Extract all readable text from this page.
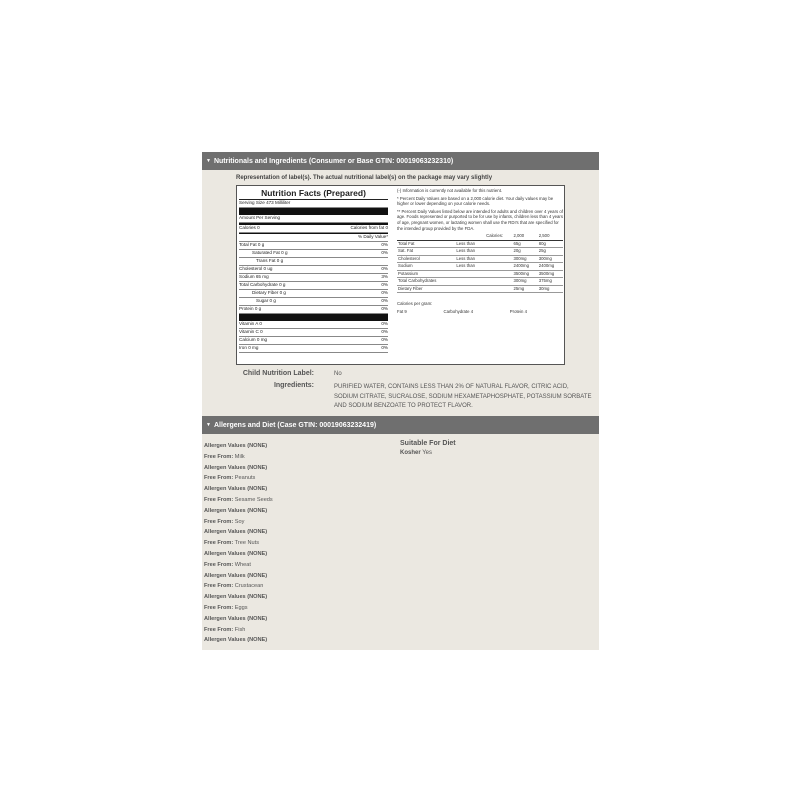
▼ Nutritionals and Ingredients (Consumer or Base GTIN: 00019063232310)
Representation of label(s). The actual nutritional label(s) on the package may vary slightly
Nutrition Facts (Prepared)
Serving Size 473 Milliliter
Amount Per Serving
Calories 0	Calories from fat 0
% Daily Value*
Total Fat 0 g	0%
Saturated Fat 0 g	0%
Trans Fat 0 g
Cholesterol 0 ug	0%
Sodium 65 mg	3%
Total Carbohydrate 0 g	0%
Dietary Fiber 0 g	0%
Sugar 0 g	0%
Protein 0 g	0%
Vitamin A 0	0%
Vitamin C 0	0%
Calcium 0 mg	0%
Iron 0 mg	0%

(-) Information is currently not available for this nutrient.

* Percent Daily Values are based on a 2,000 calorie diet. Your daily values may be higher or lower depending on your calorie needs.

** Percent Daily Values listed below are intended for adults and children over 4 years of age. Foods represented or purported to be for use by infants, children less than 4 years of age, pregnant women, or lactating women shall use the RDI's that are specified for the intended group provided by the FDA.

		Calories:	2,000	2,500
Total Fat	Less than		65g	80g
Sat. Fat	Less than		20g	25g
Cholesterol	Less than		300mg	300mg
Sodium	Less than		2400mg	2400mg
Potassium			3500mg	3500mg
Total Carbohydrates			300mg	375mg
Dietary Fiber			25mg	30mg
Calories per gram:
Fat 9	Carbohydrate 4	Protein 4
Child Nutrition Label:	No
Ingredients:	PURIFIED WATER, CONTAINS LESS THAN 2% OF NATURAL FLAVOR, CITRIC ACID, SODIUM CITRATE, SUCRALOSE, SODIUM HEXAMETAPHOSPHATE, POTASSIUM SORBATE AND SODIUM BENZOATE TO PROTECT FLAVOR.
▼ Allergens and Diet (Case GTIN: 00019063232419)
Allergen Values (NONE)
Free From: Milk
Allergen Values (NONE)
Free From: Peanuts
Allergen Values (NONE)
Free From: Sesame Seeds
Allergen Values (NONE)
Free From: Soy
Allergen Values (NONE)
Free From: Tree Nuts
Allergen Values (NONE)
Free From: Wheat
Allergen Values (NONE)
Free From: Crustacean
Allergen Values (NONE)
Free From: Eggs
Allergen Values (NONE)
Free From: Fish
Allergen Values (NONE)
Suitable For Diet
Kosher Yes
